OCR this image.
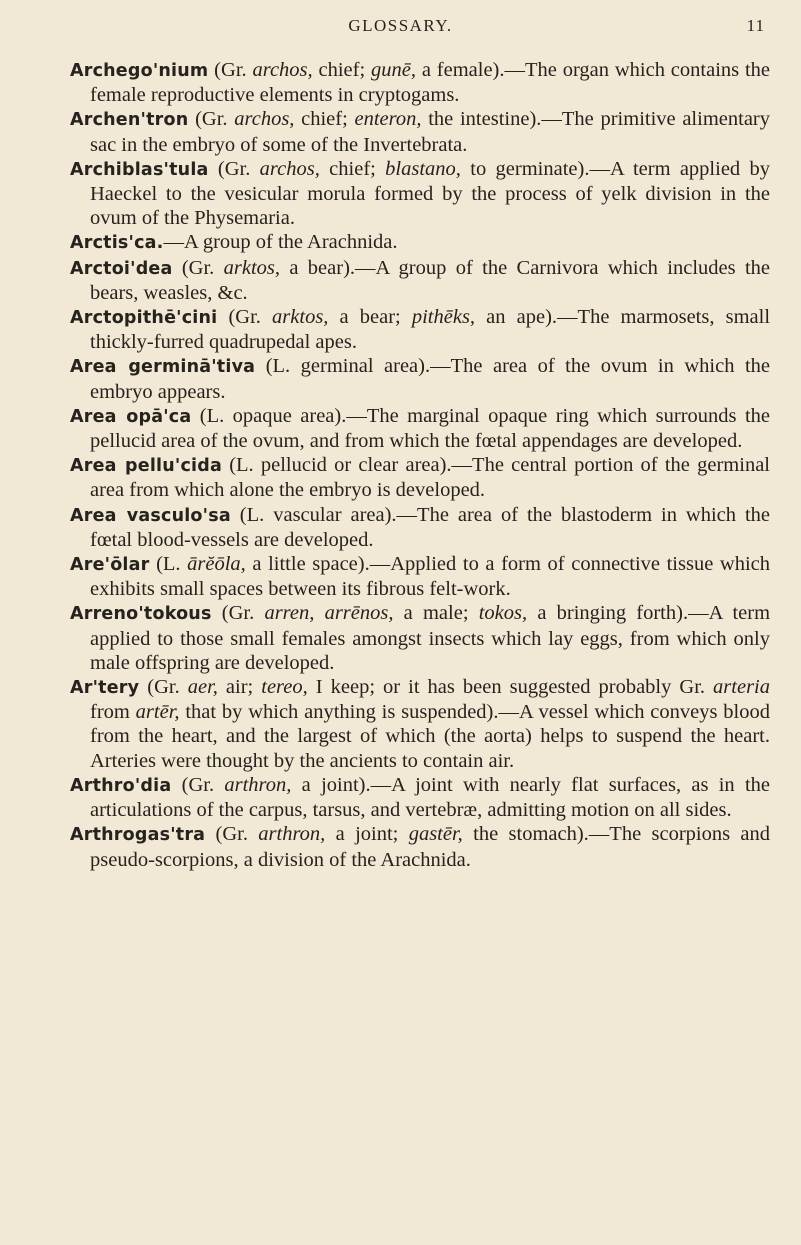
GLOSSARY.	11

Archego'nium (Gr. archos, chief; gunē, a female).—The organ which contains the female reproductive elements in cryptogams.

Archen'tron (Gr. archos, chief; enteron, the intestine).—The primitive alimentary sac in the embryo of some of the Invertebrata.

Archiblas'tula (Gr. archos, chief; blastano, to germinate).—A term applied by Haeckel to the vesicular morula formed by the process of yelk division in the ovum of the Physemaria.

Arctis'ca.—A group of the Arachnida.

Arctoi'dea (Gr. arktos, a bear).—A group of the Carnivora which includes the bears, weasles, &c.

Arctopithē'cini (Gr. arktos, a bear; pithēks, an ape).—The marmosets, small thickly-furred quadrupedal apes.

Area germinā'tiva (L. germinal area).—The area of the ovum in which the embryo appears.

Area opā'ca (L. opaque area).—The marginal opaque ring which surrounds the pellucid area of the ovum, and from which the fœtal appendages are developed.

Area pellu'cida (L. pellucid or clear area).—The central portion of the germinal area from which alone the embryo is developed.

Area vasculo'sa (L. vascular area).—The area of the blastoderm in which the fœtal blood-vessels are developed.

Are'ōlar (L. ārĕōla, a little space).—Applied to a form of connective tissue which exhibits small spaces between its fibrous felt-work.

Arreno'tokous (Gr. arren, arrēnos, a male; tokos, a bringing forth).—A term applied to those small females amongst insects which lay eggs, from which only male offspring are developed.

Ar'tery (Gr. aer, air; tereo, I keep; or it has been suggested probably Gr. arteria from artēr, that by which anything is suspended).—A vessel which conveys blood from the heart, and the largest of which (the aorta) helps to suspend the heart. Arteries were thought by the ancients to contain air.

Arthro'dia (Gr. arthron, a joint).—A joint with nearly flat surfaces, as in the articulations of the carpus, tarsus, and vertebræ, admitting motion on all sides.

Arthrogas'tra (Gr. arthron, a joint; gastēr, the stomach).—The scorpions and pseudo-scorpions, a division of the Arachnida.
